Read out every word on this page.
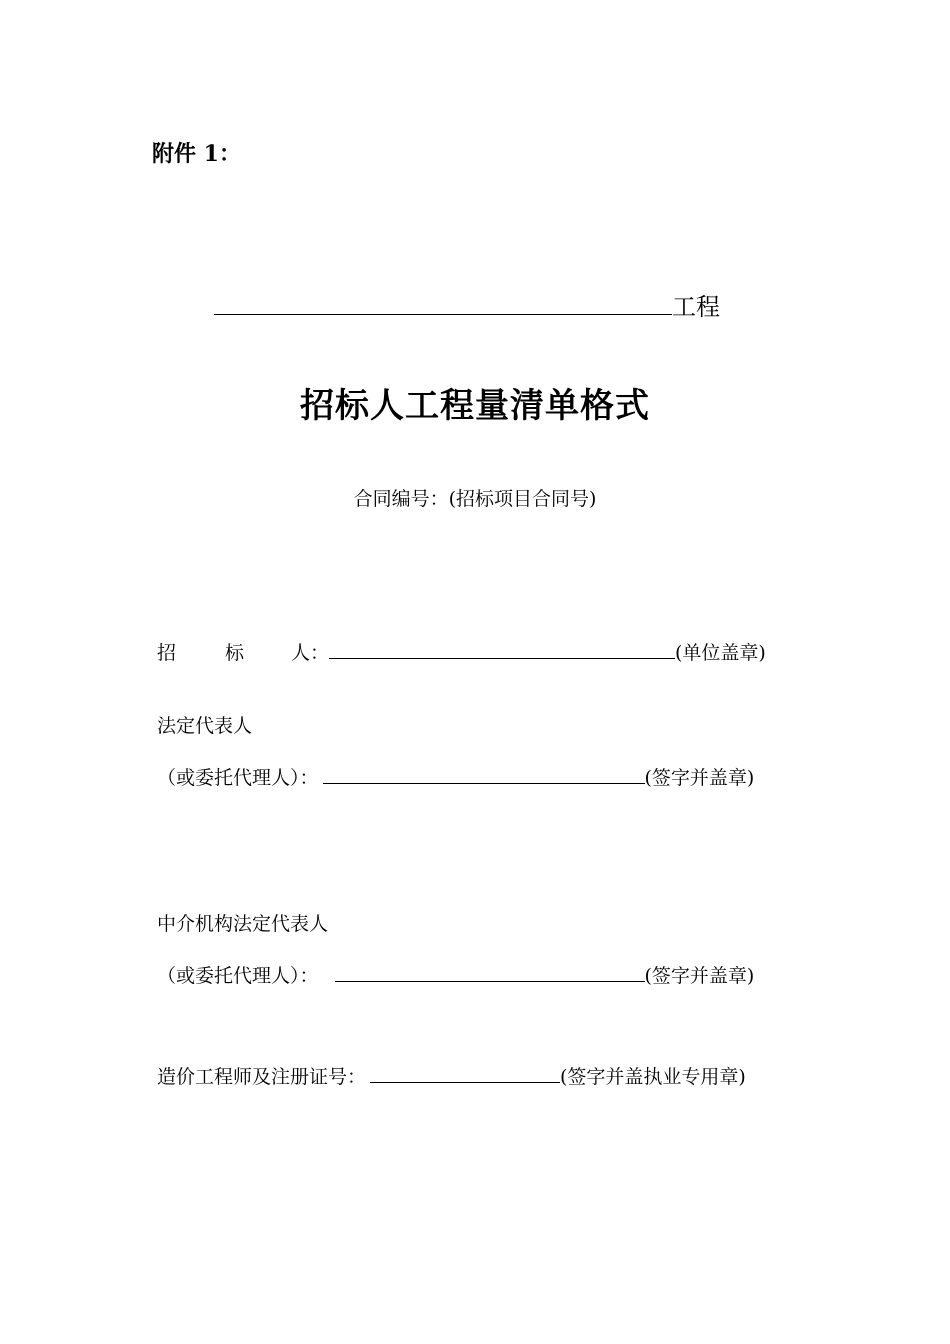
附件 1：
工程
招标人工程量清单格式
合同编号：(招标项目合同号)
招	标 人：	(单位盖章)
法定代表人
（或委托代理人）：	(签字并盖章)
中介机构法定代表人
（或委托代理人）：	(签字并盖章)
造价工程师及注册证号：	(签字并盖执业专用章)
